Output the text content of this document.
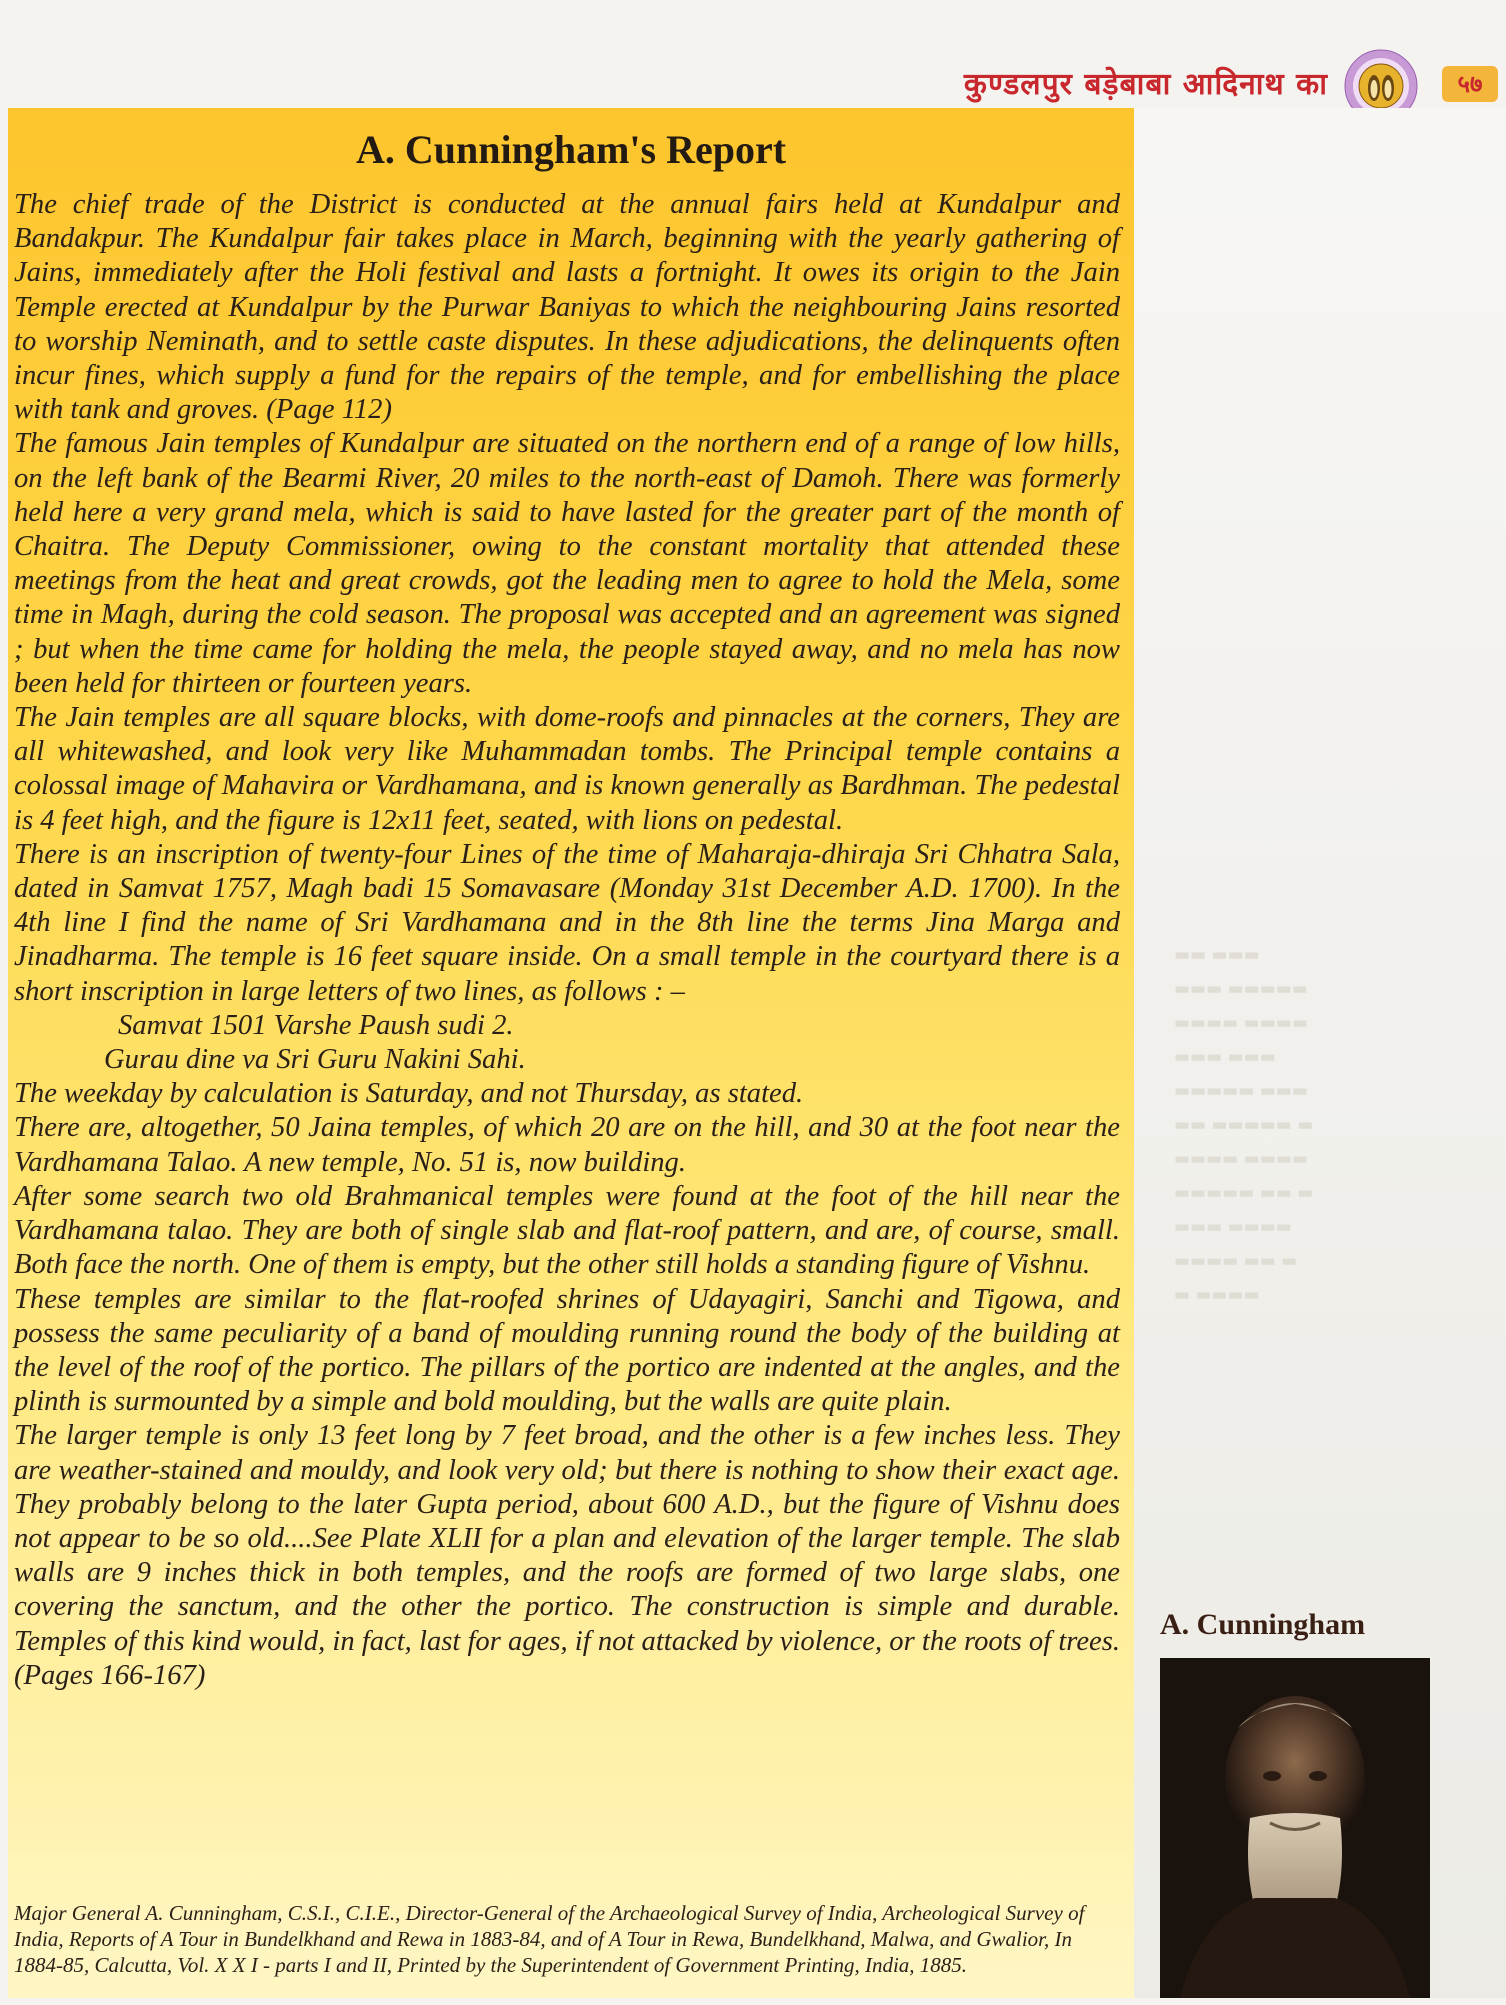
कुण्डलपुर बड़ेबाबा आदिनाथ का	५७
A. Cunningham's Report

The chief trade of the District is conducted at the annual fairs held at Kundalpur and Bandakpur. The Kundalpur fair takes place in March, beginning with the yearly gathering of Jains, immediately after the Holi festival and lasts a fortnight. It owes its origin to the Jain Temple erected at Kundalpur by the Purwar Baniyas to which the neighbouring Jains resorted to worship Neminath, and to settle caste disputes. In these adjudications, the delinquents often incur fines, which supply a fund for the repairs of the temple, and for embellishing the place with tank and groves. (Page 112)

The famous Jain temples of Kundalpur are situated on the northern end of a range of low hills, on the left bank of the Bearmi River, 20 miles to the north-east of Damoh. There was formerly held here a very grand mela, which is said to have lasted for the greater part of the month of Chaitra. The Deputy Commissioner, owing to the constant mortality that attended these meetings from the heat and great crowds, got the leading men to agree to hold the Mela, some time in Magh, during the cold season. The proposal was accepted and an agreement was signed ; but when the time came for holding the mela, the people stayed away, and no mela has now been held for thirteen or fourteen years.

The Jain temples are all square blocks, with dome-roofs and pinnacles at the corners, They are all whitewashed, and look very like Muhammadan tombs. The Principal temple contains a colossal image of Mahavira or Vardhamana, and is known generally as Bardhman. The pedestal is 4 feet high, and the figure is 12x11 feet, seated, with lions on pedestal.

There is an inscription of twenty-four Lines of the time of Maharaja-dhiraja Sri Chhatra Sala, dated in Samvat 1757, Magh badi 15 Somavasare (Monday 31st December A.D. 1700). In the 4th line I find the name of Sri Vardhamana and in the 8th line the terms Jina Marga and Jinadharma. The temple is 16 feet square inside. On a small temple in the courtyard there is a short inscription in large letters of two lines, as follows : –

Samvat 1501 Varshe Paush sudi 2.

Gurau dine va Sri Guru Nakini Sahi.

The weekday by calculation is Saturday, and not Thursday, as stated.

There are, altogether, 50 Jaina temples, of which 20 are on the hill, and 30 at the foot near the Vardhamana Talao. A new temple, No. 51 is, now building.

After some search two old Brahmanical temples were found at the foot of the hill near the Vardhamana talao. They are both of single slab and flat-roof pattern, and are, of course, small. Both face the north. One of them is empty, but the other still holds a standing figure of Vishnu.

These temples are similar to the flat-roofed shrines of Udayagiri, Sanchi and Tigowa, and possess the same peculiarity of a band of moulding running round the body of the building at the level of the roof of the portico. The pillars of the portico are indented at the angles, and the plinth is surmounted by a simple and bold moulding, but the walls are quite plain.

The larger temple is only 13 feet long by 7 feet broad, and the other is a few inches less. They are weather-stained and mouldy, and look very old; but there is nothing to show their exact age. They probably belong to the later Gupta period, about 600 A.D., but the figure of Vishnu does not appear to be so old....See Plate XLII for a plan and elevation of the larger temple. The slab walls are 9 inches thick in both temples, and the roofs are formed of two large slabs, one covering the sanctum, and the other the portico. The construction is simple and durable. Temples of this kind would, in fact, last for ages, if not attacked by violence, or the roots of trees. (Pages 166-167)

Major General A. Cunningham, C.S.I., C.I.E., Director-General of the Archaeological Survey of India, Archeological Survey of India, Reports of A Tour in Bundelkhand and Rewa in 1883-84, and of A Tour in Rewa, Bundelkhand, Malwa, and Gwalior, In 1884-85, Calcutta, Vol. X X I - parts I and II, Printed by the Superintendent of Government Printing, India, 1885.
▬▬ ▬▬▬
▬▬▬ ▬▬▬▬▬
▬▬▬▬ ▬▬▬▬
▬▬▬ ▬▬▬
▬▬▬▬▬ ▬▬▬
▬▬ ▬▬▬▬▬ ▬
▬▬▬▬ ▬▬▬▬
▬▬▬▬▬ ▬▬ ▬
▬▬▬ ▬▬▬▬
▬▬▬▬ ▬▬ ▬
▬ ▬▬▬▬
A. Cunningham
